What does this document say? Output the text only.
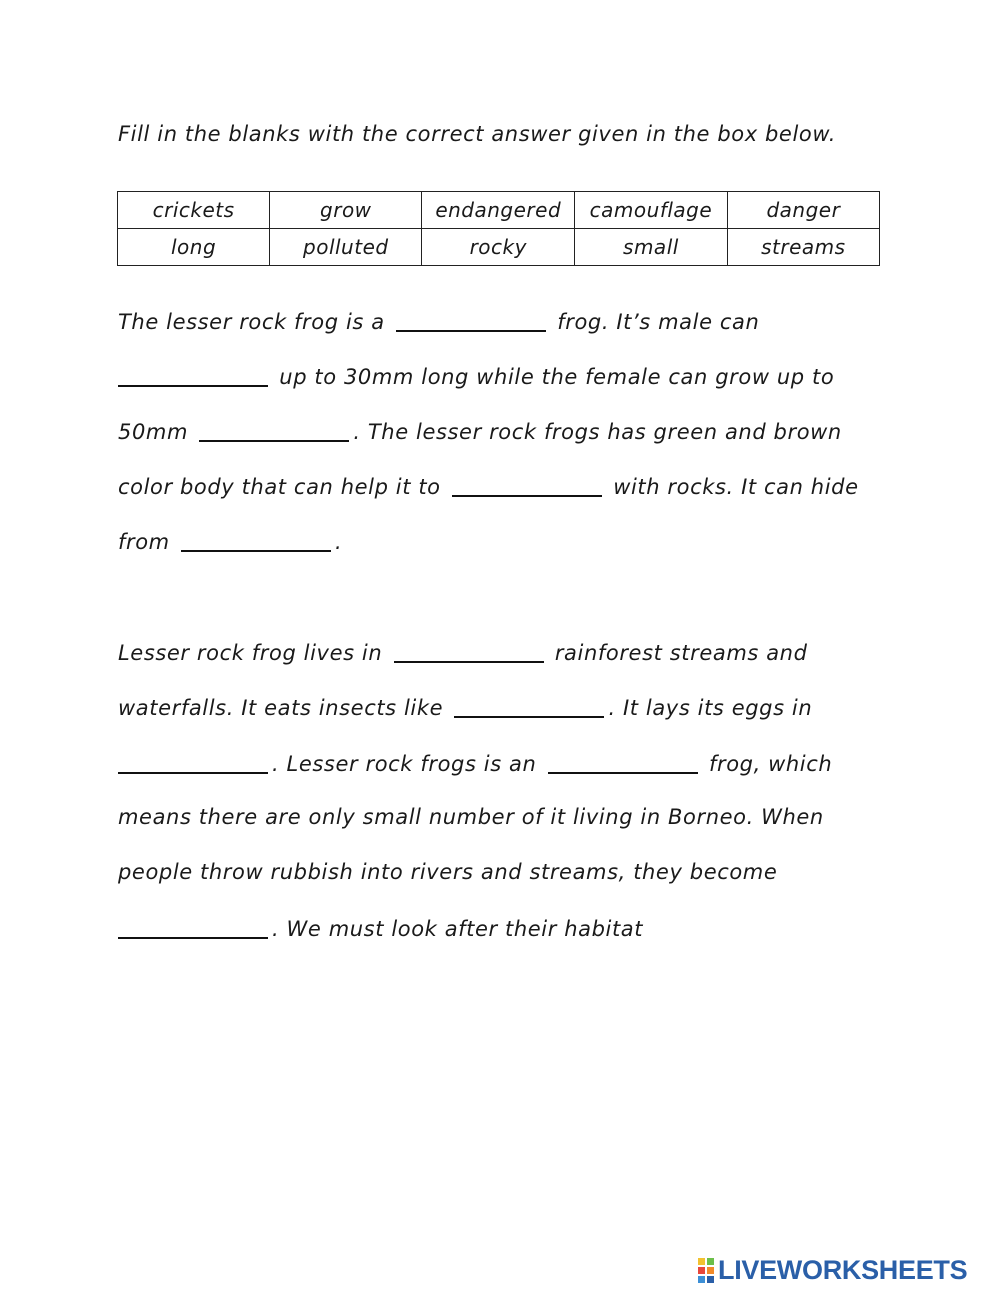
Fill in the blanks with the correct answer given in the box below.
crickets	grow	endangered	camouflage	danger
long	polluted	rocky	small	streams
The lesser rock frog is a	frog. It’s male can
up to 30mm long while the female can grow up to
50mm	. The lesser rock frogs has green and brown
color body that can help it to	with rocks. It can hide
from	.
Lesser rock frog lives in	rainforest streams and
waterfalls. It eats insects like	. It lays its eggs in
. Lesser rock frogs is an	frog, which
means there are only small number of it living in Borneo. When
people throw rubbish into rivers and streams, they become
. We must look after their habitat
LIVEWORKSHEETS
